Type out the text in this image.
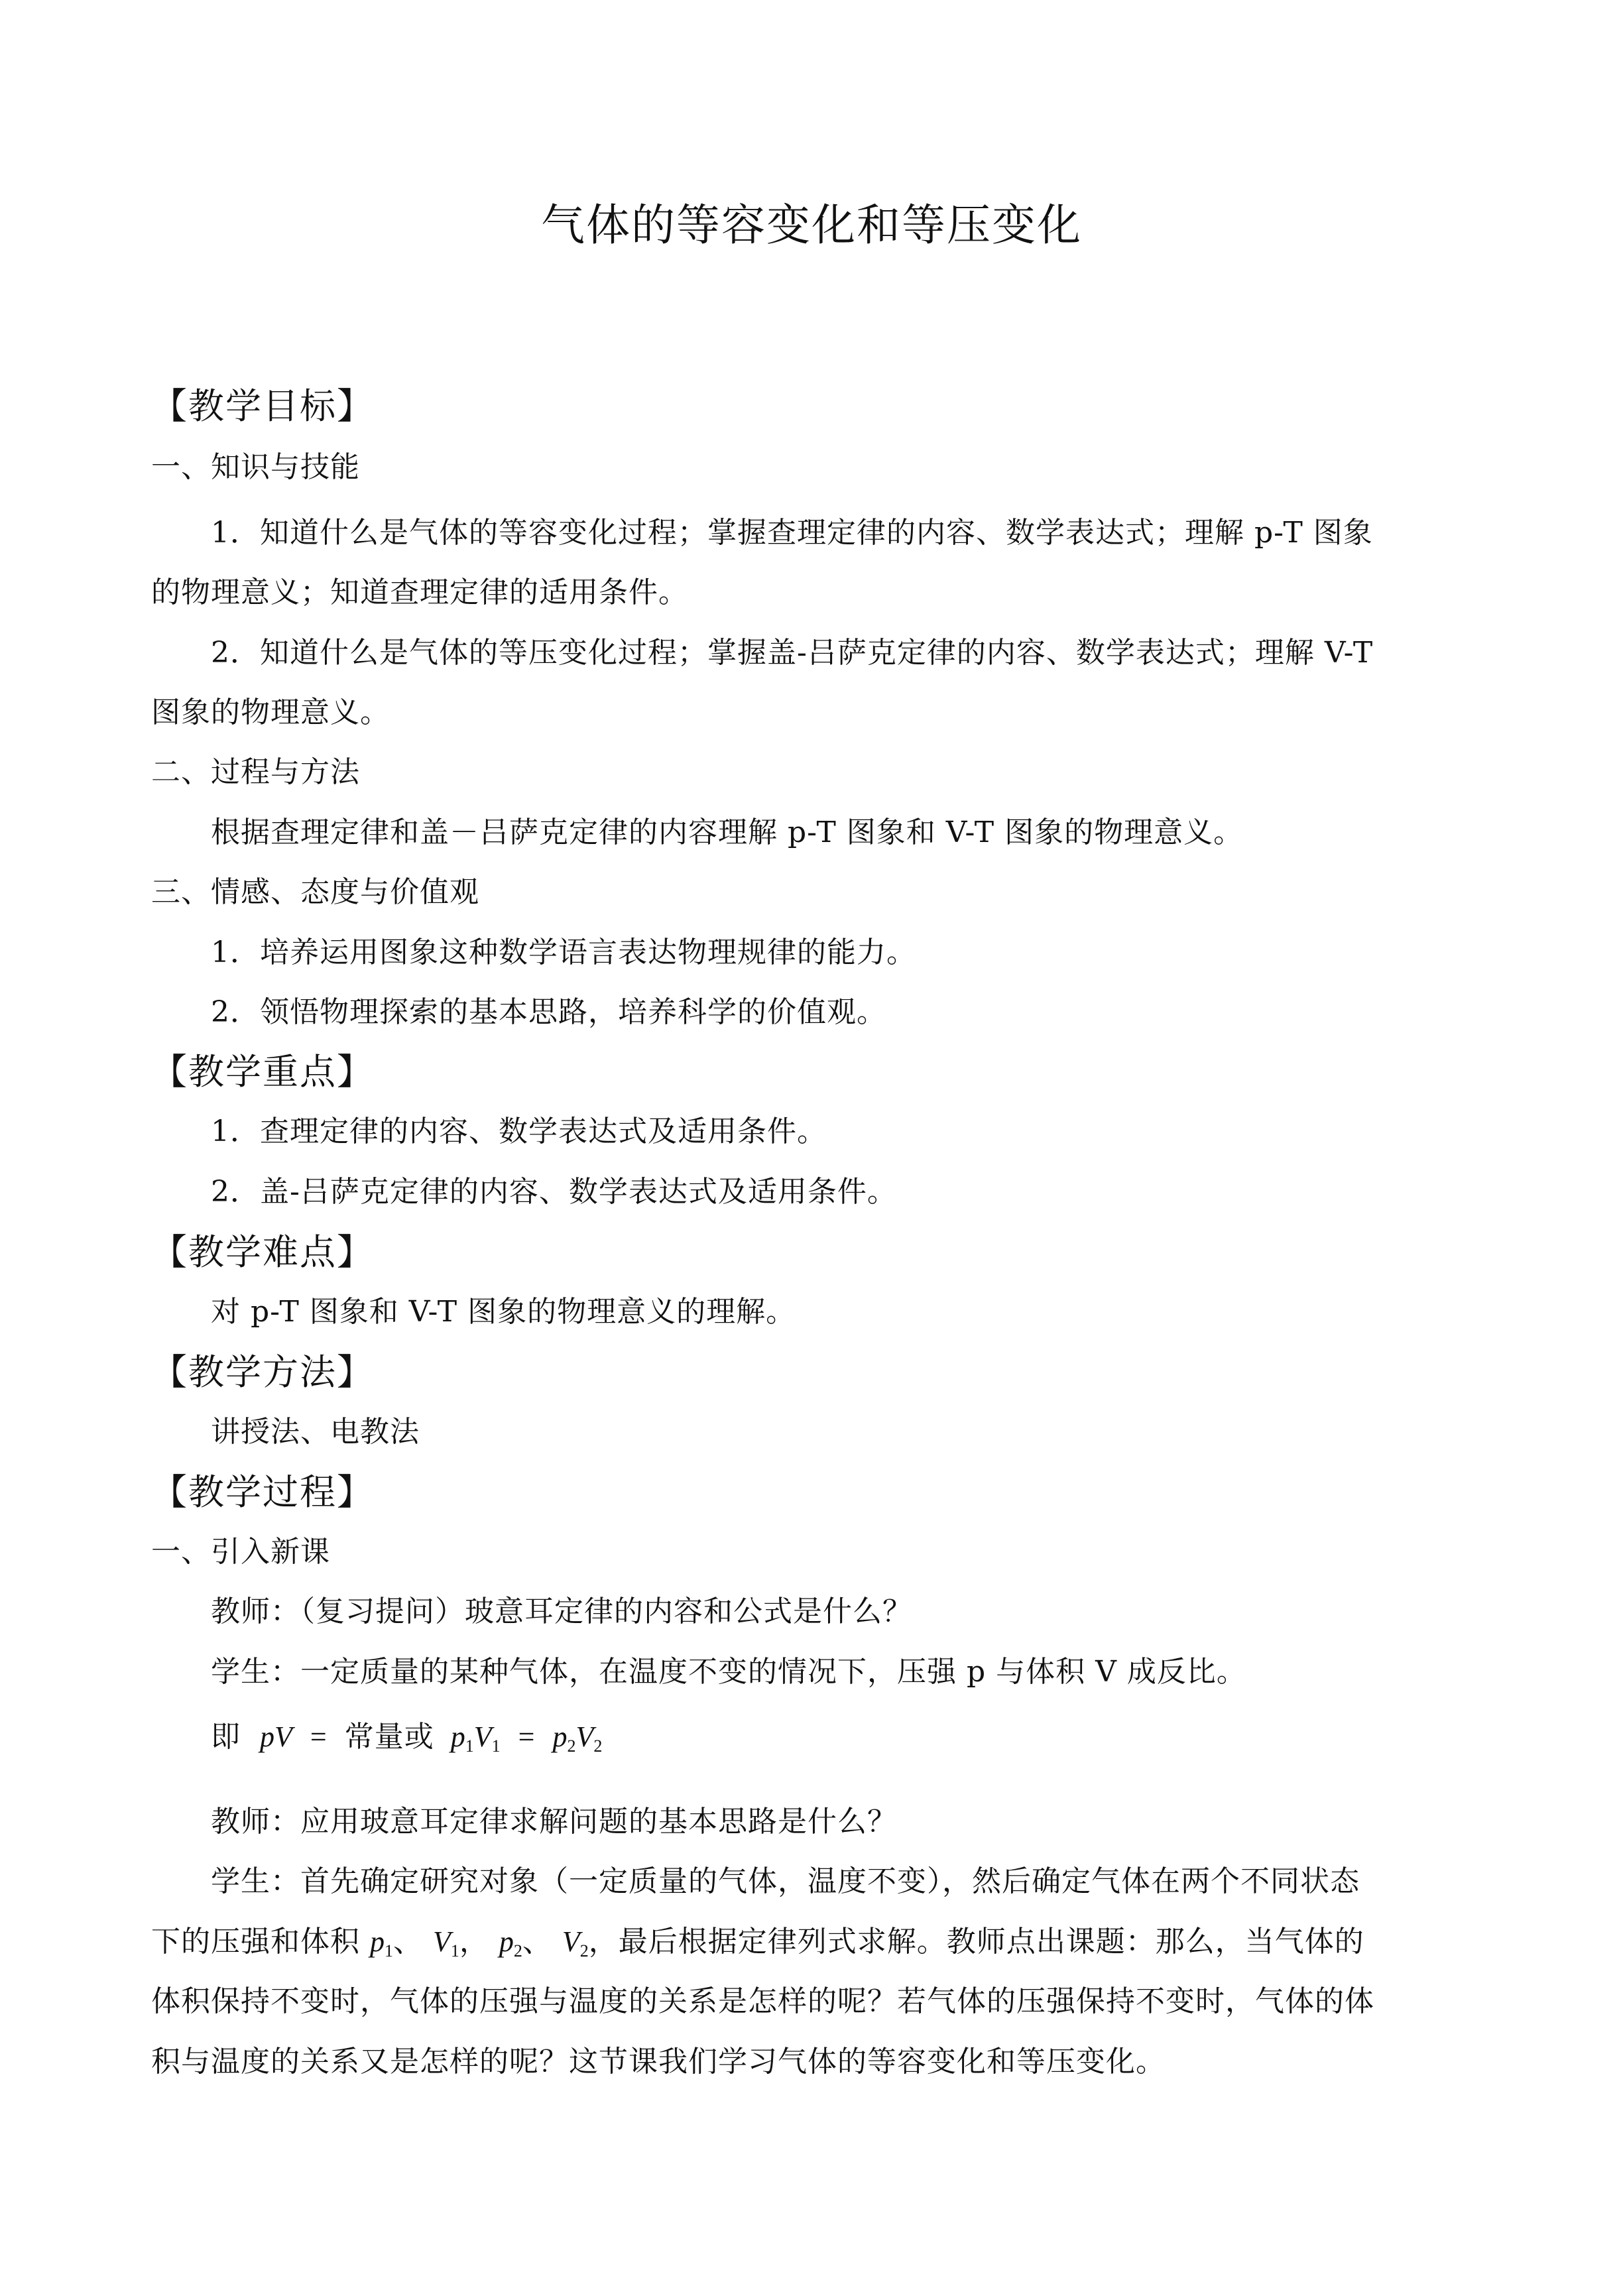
气体的等容变化和等压变化
【教学目标】
一、知识与技能
1．知道什么是气体的等容变化过程；掌握查理定律的内容、数学表达式；理解 p-T 图象
的物理意义；知道查理定律的适用条件。
2．知道什么是气体的等压变化过程；掌握盖-吕萨克定律的内容、数学表达式；理解 V-T
图象的物理意义。
二、过程与方法
根据查理定律和盖－吕萨克定律的内容理解 p-T 图象和 V-T 图象的物理意义。
三、情感、态度与价值观
1．培养运用图象这种数学语言表达物理规律的能力。
2．领悟物理探索的基本思路，培养科学的价值观。
【教学重点】
1．查理定律的内容、数学表达式及适用条件。
2．盖-吕萨克定律的内容、数学表达式及适用条件。
【教学难点】
对 p-T 图象和 V-T 图象的物理意义的理解。
【教学方法】
讲授法、电教法
【教学过程】
一、引入新课
教师：（复习提问）玻意耳定律的内容和公式是什么？
学生：一定质量的某种气体，在温度不变的情况下，压强 p 与体积 V 成反比。
即 pV = 常量或 $p_1V_1 = p_2V_2$
教师：应用玻意耳定律求解问题的基本思路是什么？
学生：首先确定研究对象（一定质量的气体，温度不变），然后确定气体在两个不同状态
下的压强和体积 $p_1$、 $V_1$， $p_2$、 $V_2$，最后根据定律列式求解。教师点出课题：那么，当气体的
体积保持不变时，气体的压强与温度的关系是怎样的呢？若气体的压强保持不变时，气体的体
积与温度的关系又是怎样的呢？这节课我们学习气体的等容变化和等压变化。
